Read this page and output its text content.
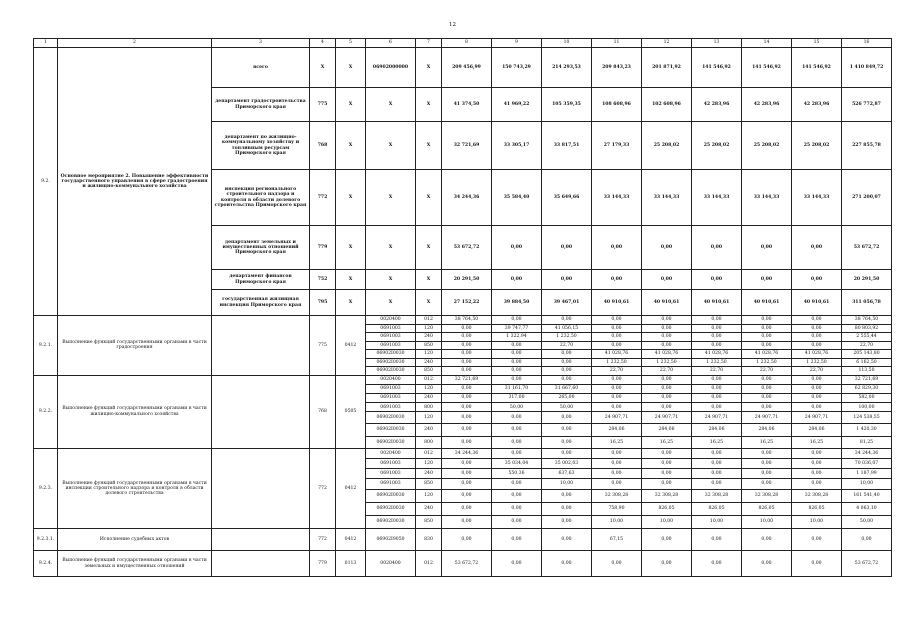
12
1	2	3	4	5	6	7	8	9	10	11	12	13	14	15	16
9.2.	Основное мероприятие 2. Повышение эффективности государственного управления в сфере градостроения и жилищно-коммунального хозяйства	всего	X	X	06902000000	X	209 456,99	150 743,29	214 293,53	209 843,23	201 871,92	141 546,92	141 546,92	141 546,92	1 410 849,72
		департамент градостроительства Приморского края	775	X	X	X	41 374,50	41 969,22	105 359,35	108 608,96	102 608,96	42 283,96	42 283,96	42 283,96	526 772,87
		департамент по жилищно-коммунальному хозяйству и топливным ресурсам Приморского края	768	X	X	X	32 721,69	33 305,17	33 817,51	27 179,33	25 208,02	25 208,02	25 208,02	25 208,02	227 855,78
		инспекция регионального строительного надзора и контроля в области долевого строительства Приморского края	772	X	X	X	34 244,36	35 584,40	35 649,66	33 144,33	33 144,33	33 144,33	33 144,33	33 144,33	271 200,07
		департамент земельных и имущественных отношений Приморского края	779	X	X	X	53 672,72	0,00	0,00	0,00	0,00	0,00	0,00	0,00	53 672,72
		департамент финансов Приморского края	752	X	X	X	20 291,50	0,00	0,00	0,00	0,00	0,00	0,00	0,00	20 291,50
		государственная жилищная инспекция Приморского края	795	X	X	X	27 152,22	39 884,50	39 467,01	40 910,61	40 910,61	40 910,61	40 910,61	40 910,61	311 056,78
9.2.1.	Выполнение функций государственными органами в части градостроения		775	0412	0020400	012	38 764,50	0,00	0,00	0,00	0,00	0,00	0,00	0,00	38 764,50
					0691003	120	0,00	39 747,77	41 056,15	0,00	0,00	0,00	0,00	0,00	80 803,92
					0691003	240	0,00	1 322,94	1 232,50	0,00	0,00	0,00	0,00	0,00	2 555,44
					0691003	850	0,00	0,00	22,70	0,00	0,00	0,00	0,00	0,00	22,70
					06902I0030	120	0,00	0,00	0,00	41 028,76	41 028,76	41 028,76	41 028,76	41 028,76	205 143,80
					06902I0030	240	0,00	0,00	0,00	1 232,50	1 232,50	1 232,50	1 232,50	1 232,50	6 162,50
					06902I0030	850	0,00	0,00	0,00	22,70	22,70	22,70	22,70	22,70	113,50
9.2.2.	Выполнение функций государственными органами в части жилищно-коммунального хозяйства		768	0505	0020400	012	32 721,69	0,00	0,00	0,00	0,00	0,00	0,00	0,00	32 721,69
					0691003	120	0,00	31 161,70	31 667,60	0,00	0,00	0,00	0,00	0,00	62 829,30
					0691003	240	0,00	317,00	265,00	0,00	0,00	0,00	0,00	0,00	582,00
					0691003	800	0,00	50,00	50,00	0,00	0,00	0,00	0,00	0,00	100,00
					06902I0030	120	0,00	0,00	0,00	24 907,71	24 907,71	24 907,71	24 907,71	24 907,71	124 538,55
					06902I0030	240	0,00	0,00	0,00	284,06	284,06	284,06	284,06	284,06	1 420,30
					06902I0030	800	0,00	0,00	0,00	16,25	16,25	16,25	16,25	16,25	81,25
9.2.3.	Выполнение функций государственными органами в части инспекции строительного надзора и контроля в области долевого строительства		772	0412	0020400	012	34 244,36	0,00	0,00	0,00	0,00	0,00	0,00	0,00	34 244,36
					0691003	120	0,00	35 034,04	35 002,03	0,00	0,00	0,00	0,00	0,00	70 036,07
					0691003	240	0,00	550,36	637,63	0,00	0,00	0,00	0,00	0,00	1 187,99
					0691003	850	0,00	0,00	10,00	0,00	0,00	0,00	0,00	0,00	10,00
					06902I0030	120	0,00	0,00	0,00	32 308,28	32 308,28	32 308,28	32 308,28	32 308,28	161 541,40
					06902I0030	240	0,00	0,00	0,00	758,90	826,05	826,05	826,05	826,05	4 063,10
					06902I0030	850	0,00	0,00	0,00	10,00	10,00	10,00	10,00	10,00	50,00
9.2.3.1.	Исполнение судебных актов		772	0412	06902I9050	830	0,00	0,00	0,00	67,15	0,00	0,00	0,00	0,00	0,00
9.2.4.	Выполнение функций государственными органами в части земельных и имущественных отношений		779	0113	0020400	012	53 672,72	0,00	0,00	0,00	0,00	0,00	0,00	0,00	53 672,72
